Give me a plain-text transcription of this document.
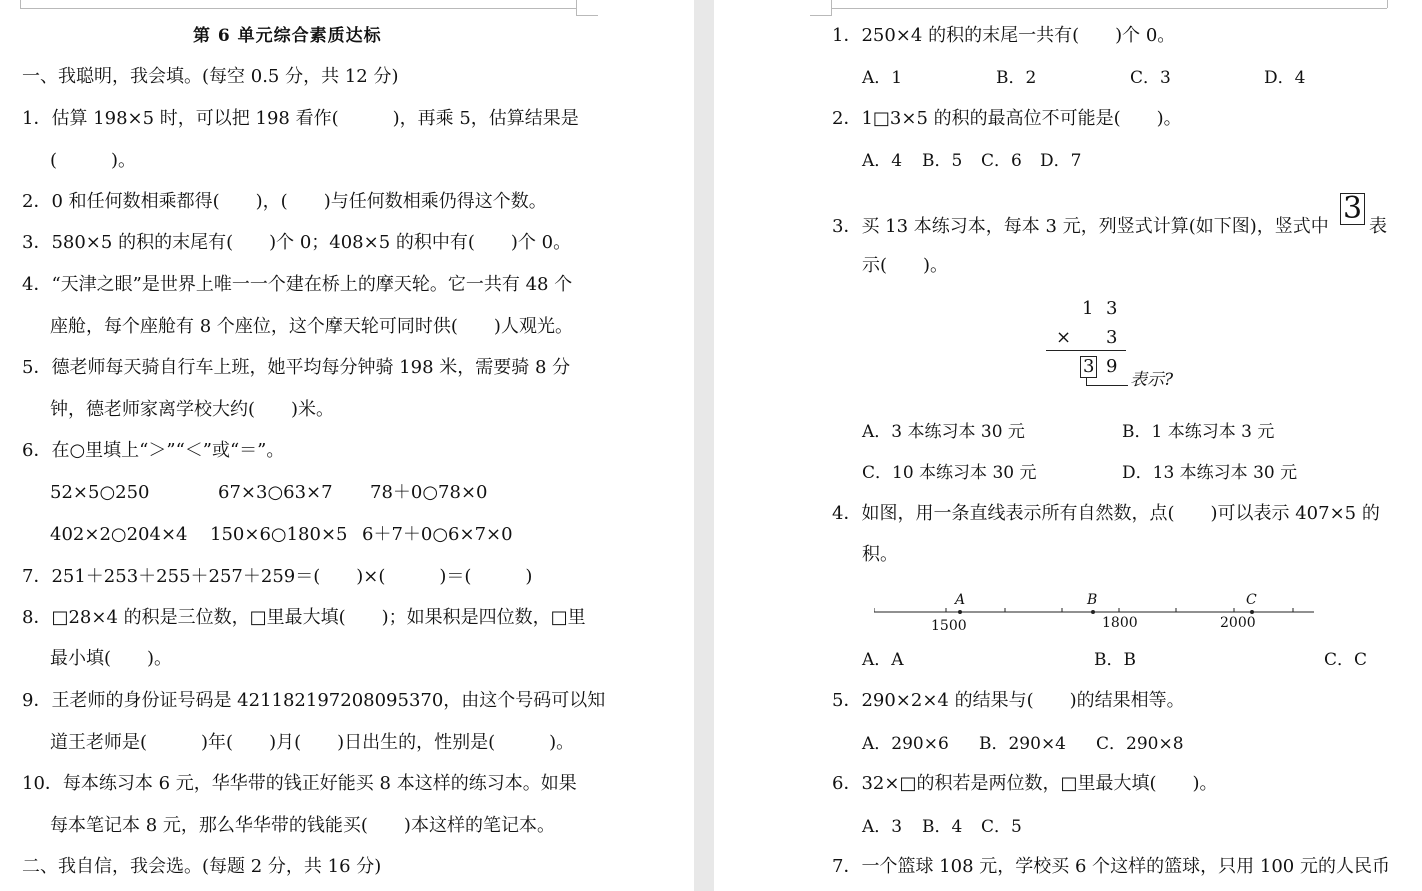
第 6 单元综合素质达标
一、我聪明，我会填。(每空 0.5 分，共 12 分)
1．估算 198×5 时，可以把 198 看作(　　　)，再乘 5，估算结果是
(　　　)。
2．0 和任何数相乘都得(　　)，(　　)与任何数相乘仍得这个数。
3．580×5 的积的末尾有(　　)个 0；408×5 的积中有(　　)个 0。
4．“天津之眼”是世界上唯一一个建在桥上的摩天轮。它一共有 48 个
座舱，每个座舱有 8 个座位，这个摩天轮可同时供(　　)人观光。
5．德老师每天骑自行车上班，她平均每分钟骑 198 米，需要骑 8 分
钟，德老师家离学校大约(　　)米。
6．在○里填上“＞”“＜”或“＝”。
52×5○250	67×3○63×7 78＋0○78×0
402×2○204×4 150×6○180×5 6＋7＋0○6×7×0
7．251＋253＋255＋257＋259＝(　　)×(　　　)＝(　　　)
8．□28×4 的积是三位数，□里最大填(　　)；如果积是四位数，□里
最小填(　　)。
9．王老师的身份证号码是 421182197208095370，由这个号码可以知
道王老师是(　　　)年(　　)月(　　)日出生的，性别是(　　　)。
10．每本练习本 6 元，华华带的钱正好能买 8 本这样的练习本。如果
每本笔记本 8 元，那么华华带的钱能买(　　)本这样的笔记本。
二、我自信，我会选。(每题 2 分，共 16 分)
1．250×4 的积的末尾一共有(　　)个 0。
A．1	B．2	C．3	D．4
2．1□3×5 的积的最高位不可能是(　　)。
A．4 B．5 C．6 D．7
3．买 13 本练习本，每本 3 元，列竖式计算(如下图)，竖式中
3
表
示(　　)。
1 3
× 3
3 9
表示?
A．3 本练习本 30 元	B．1 本练习本 3 元
C．10 本练习本 30 元	D．13 本练习本 30 元
4．如图，用一条直线表示所有自然数，点(　　)可以表示 407×5 的
积。
A	B	C
1500	1800	2000
A．A	B．B	C．C
5．290×2×4 的结果与(　　)的结果相等。
A．290×6 B．290×4 C．290×8
6．32×□的积若是两位数，□里最大填(　　)。
A．3 B．4 C．5
7．一个篮球 108 元，学校买 6 个这样的篮球，只用 100 元的人民币
